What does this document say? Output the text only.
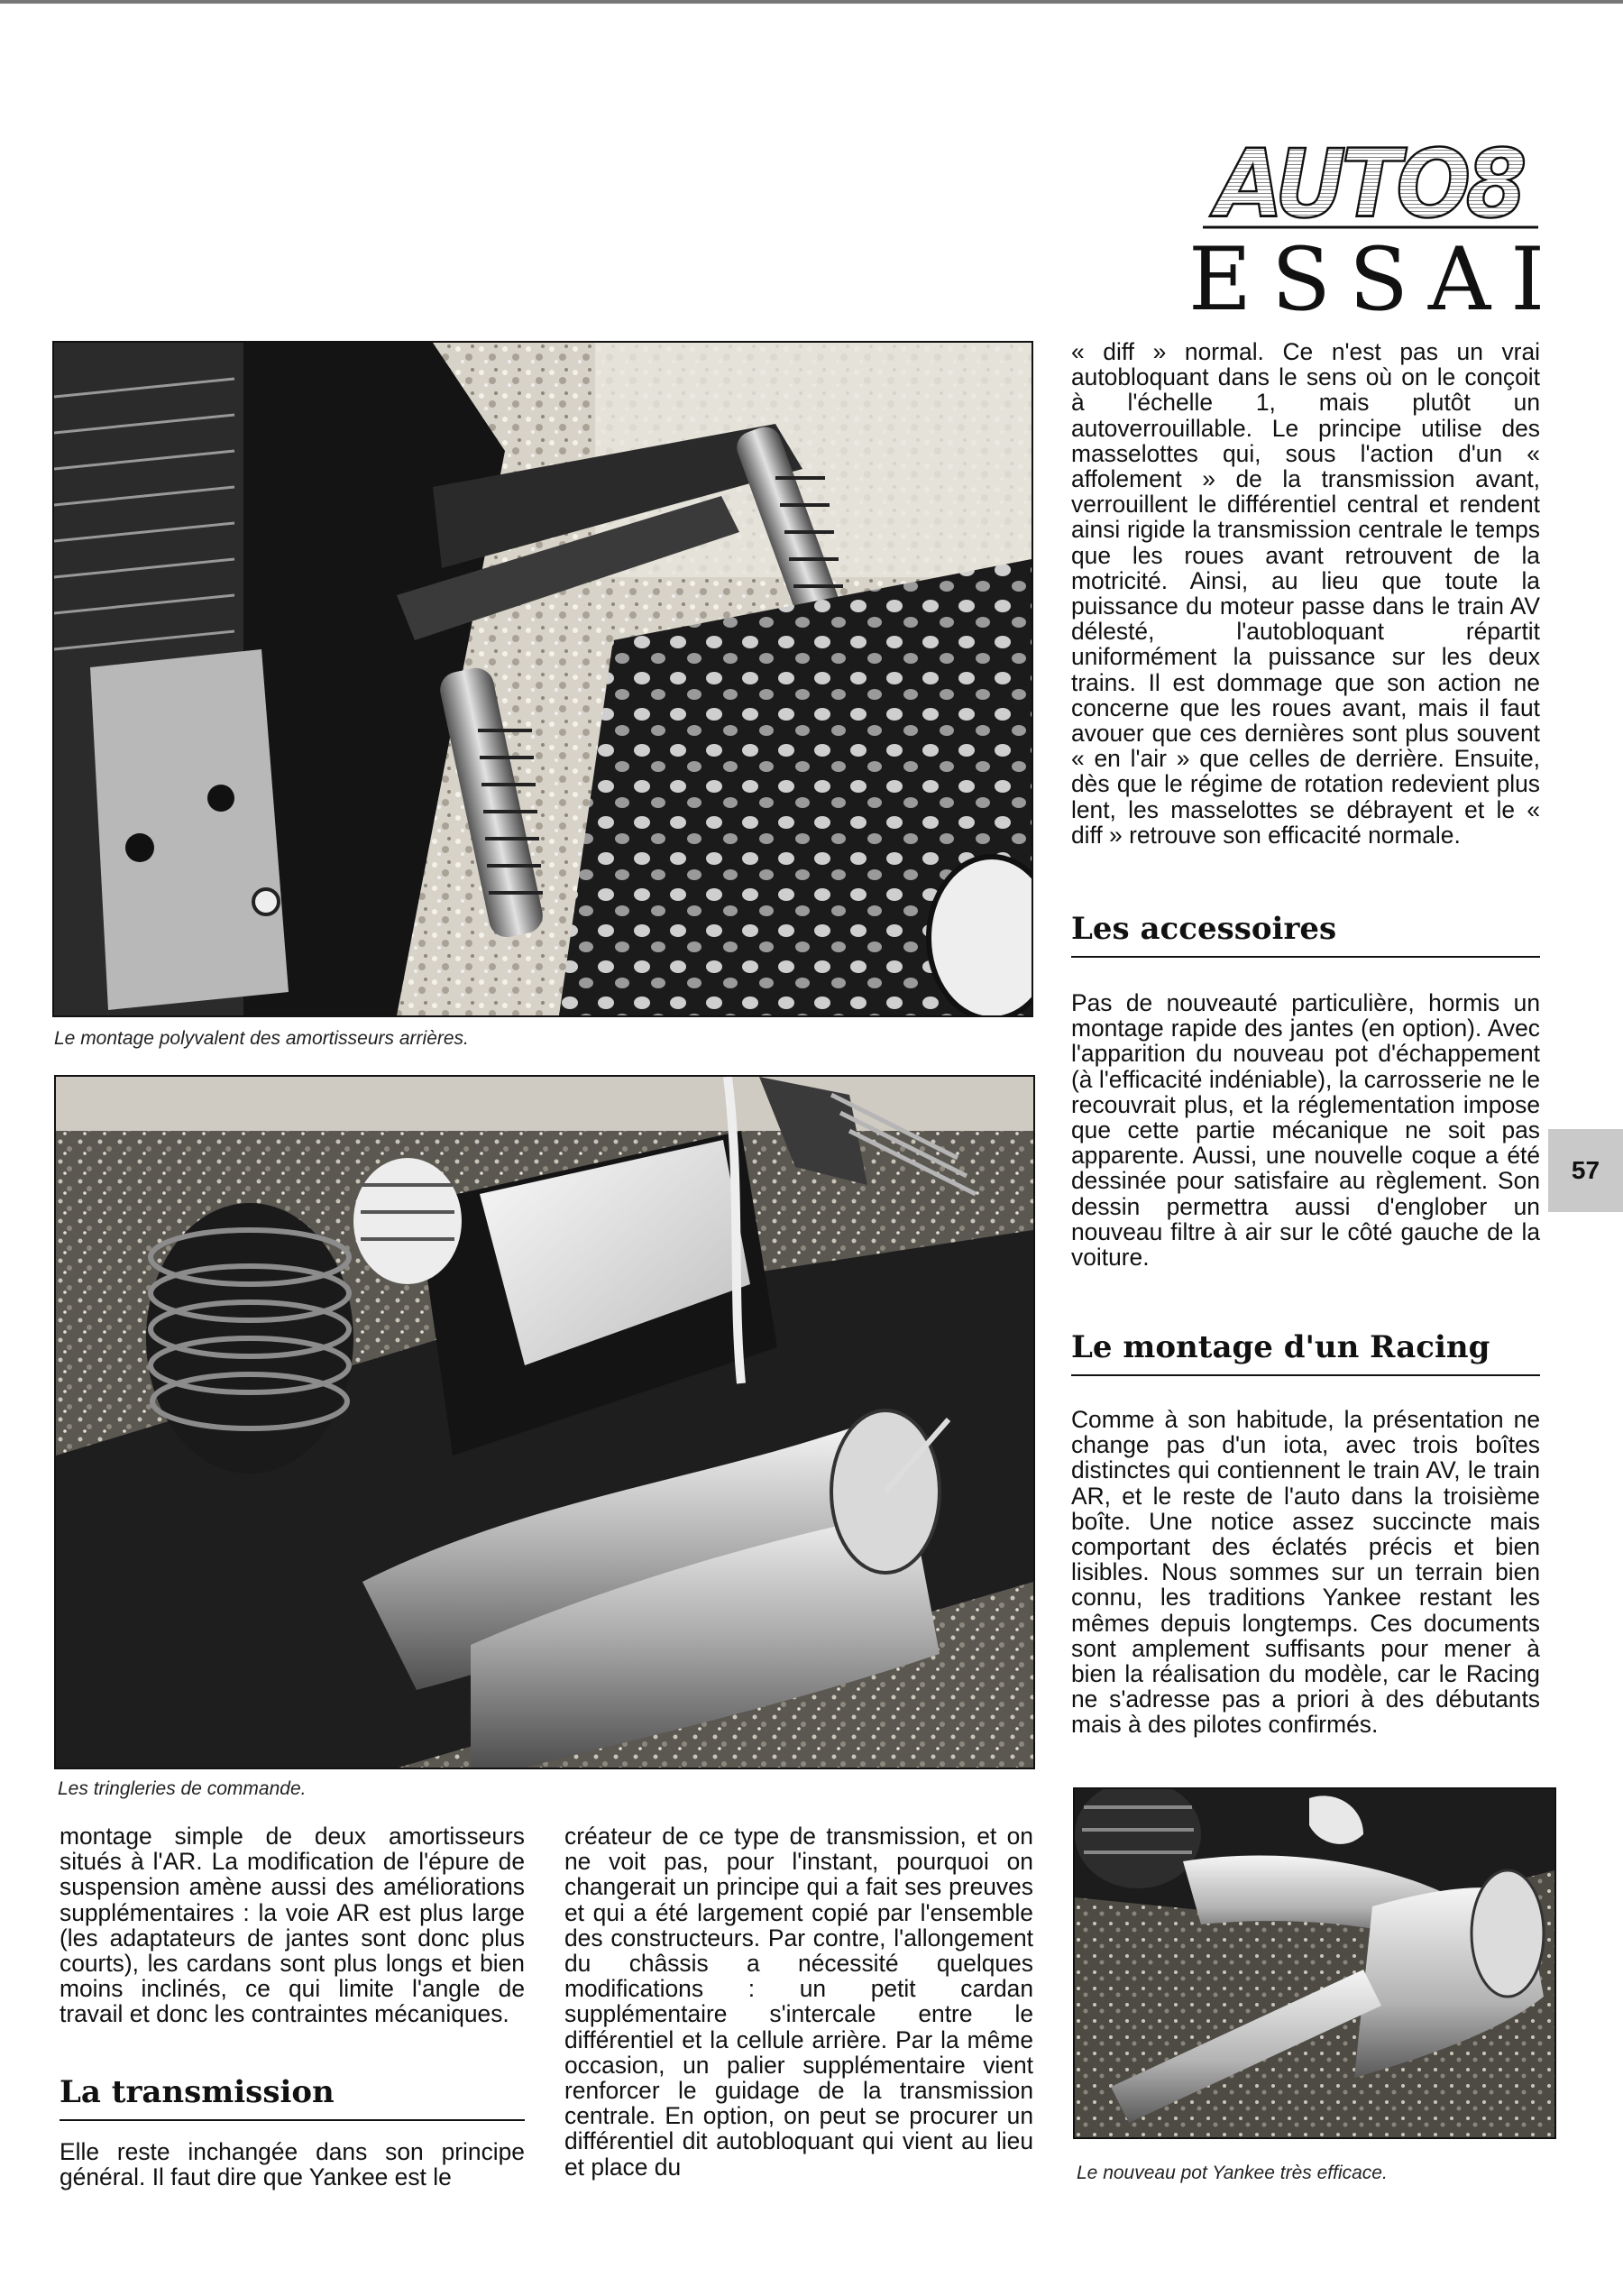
AUTO8
ESSAI
Le montage polyvalent des amortisseurs arrières.
Les tringleries de commande.

« diff » normal. Ce n'est pas un vrai autobloquant dans le sens où on le conçoit à l'échelle 1, mais plutôt un autoverrouillable. Le principe utilise des masselottes qui, sous l'action d'un « affolement » de la transmission avant, verrouillent le différentiel central et rendent ainsi rigide la transmission centrale le temps que les roues avant retrouvent de la motricité. Ainsi, au lieu que toute la puissance du moteur passe dans le train AV délesté, l'autobloquant répartit uniformément la puissance sur les deux trains. Il est dommage que son action ne concerne que les roues avant, mais il faut avouer que ces dernières sont plus souvent « en l'air » que celles de derrière. Ensuite, dès que le régime de rotation redevient plus lent, les masselottes se débrayent et le « diff » retrouve son efficacité normale.

Les accessoires

Pas de nouveauté particulière, hormis un montage rapide des jantes (en option). Avec l'apparition du nouveau pot d'échappement (à l'efficacité indéniable), la carrosserie ne le recouvrait plus, et la réglementation impose que cette partie mécanique ne soit pas apparente. Aussi, une nouvelle coque a été dessinée pour satisfaire au règlement. Son dessin permettra aussi d'englober un nouveau filtre à air sur le côté gauche de la voiture.

Le montage d'un Racing

Comme à son habitude, la présentation ne change pas d'un iota, avec trois boîtes distinctes qui contiennent le train AV, le train AR, et le reste de l'auto dans la troisième boîte. Une notice assez succincte mais comportant des éclatés précis et bien lisibles. Nous sommes sur un terrain bien connu, les traditions Yankee restant les mêmes depuis longtemps. Ces documents sont amplement suffisants pour mener à bien la réalisation du modèle, car le Racing ne s'adresse pas a priori à des débutants mais à des pilotes confirmés.

Le nouveau pot Yankee très efficace.

montage simple de deux amortisseurs situés à l'AR. La modification de l'épure de suspension amène aussi des améliorations supplémentaires : la voie AR est plus large (les adaptateurs de jantes sont donc plus courts), les cardans sont plus longs et bien moins inclinés, ce qui limite l'angle de travail et donc les contraintes mécaniques.

La transmission

Elle reste inchangée dans son principe général. Il faut dire que Yankee est le

créateur de ce type de transmission, et on ne voit pas, pour l'instant, pourquoi on changerait un principe qui a fait ses preuves et qui a été largement copié par l'ensemble des constructeurs. Par contre, l'allongement du châssis a nécessité quelques modifications : un petit cardan supplémentaire s'intercale entre le différentiel et la cellule arrière. Par la même occasion, un palier supplémentaire vient renforcer le guidage de la transmission centrale. En option, on peut se procurer un différentiel dit autobloquant qui vient au lieu et place du

57
